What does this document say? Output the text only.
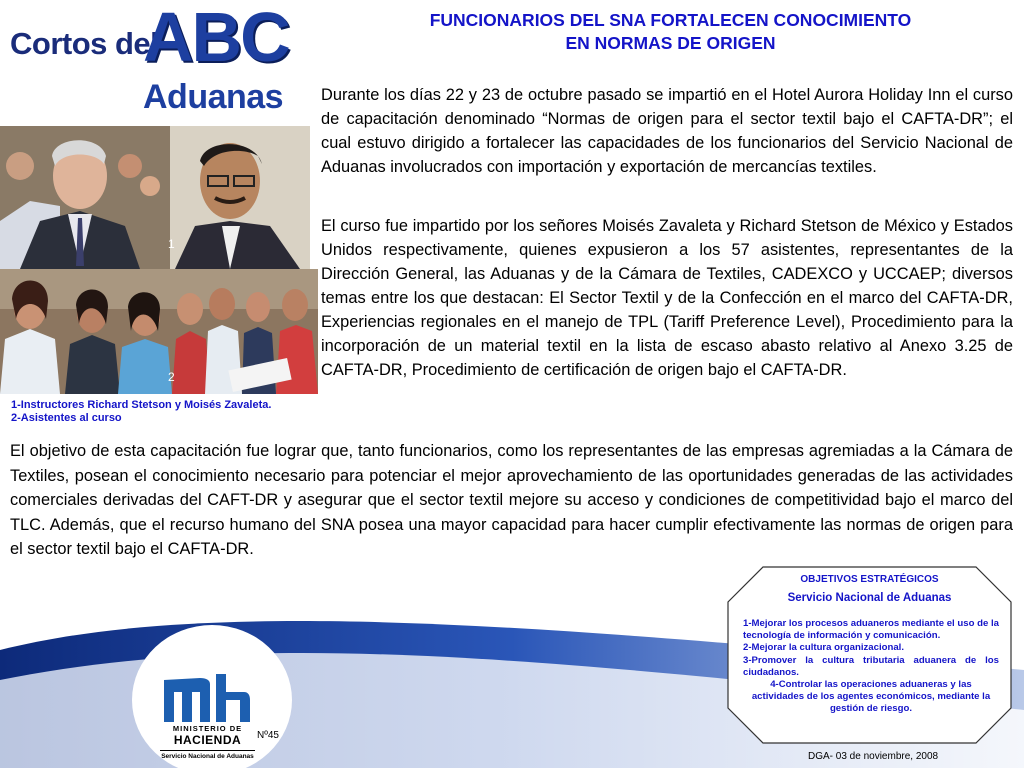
Cortos del
ABC
Aduanas
FUNCIONARIOS DEL SNA FORTALECEN CONOCIMIENTO
EN NORMAS DE ORIGEN
1
2
1-Instructores Richard Stetson y Moisés Zavaleta.
2-Asistentes al curso

Durante los días 22 y 23 de octubre pasado se impartió en el Hotel Aurora Holiday Inn el curso de capacitación denominado “Normas de origen para el sector textil bajo el CAFTA-DR”; el cual estuvo dirigido a fortalecer las capacidades de los funcionarios del Servicio Nacional de Aduanas involucrados con importación y exportación de mercancías textiles.

El curso fue impartido por los señores Moisés Zavaleta y Richard Stetson de México y Estados Unidos respectivamente, quienes expusieron a los 57 asistentes, representantes de la Dirección General, las Aduanas y de la Cámara de Textiles, CADEXCO y UCCAEP; diversos temas entre los que destacan: El Sector Textil y de la Confección en el marco del CAFTA-DR, Experiencias regionales en el manejo de TPL (Tariff Preference Level), Procedimiento para la incorporación de un material textil en la lista de escaso abasto relativo al Anexo 3.25 de CAFTA-DR, Procedimiento de certificación de origen bajo el CAFTA-DR.

El objetivo de esta capacitación fue lograr que, tanto funcionarios, como los representantes de las empresas agremiadas a la Cámara de Textiles, posean el conocimiento necesario para potenciar el mejor aprovechamiento de las oportunidades generadas de las actividades comerciales derivadas del CAFT-DR y asegurar que el sector textil mejore su acceso y condiciones de competitividad bajo el marco del TLC. Además, que el recurso humano del SNA posea una mayor capacidad para hacer cumplir efectivamente las normas de origen para el sector textil bajo el CAFTA-DR.

OBJETIVOS ESTRATÉGICOS
Servicio Nacional de Aduanas
1-Mejorar los procesos aduaneros mediante el uso de la tecnología de información y comunicación.
2-Mejorar la cultura organizacional.
3-Promover la cultura tributaria aduanera de los ciudadanos.
4-Controlar las operaciones aduaneras y las actividades de los agentes económicos, mediante la gestión de riesgo.
MINISTERIO DE
HACIENDA
Servicio Nacional de Aduanas
Nº45
DGA- 03 de noviembre, 2008
